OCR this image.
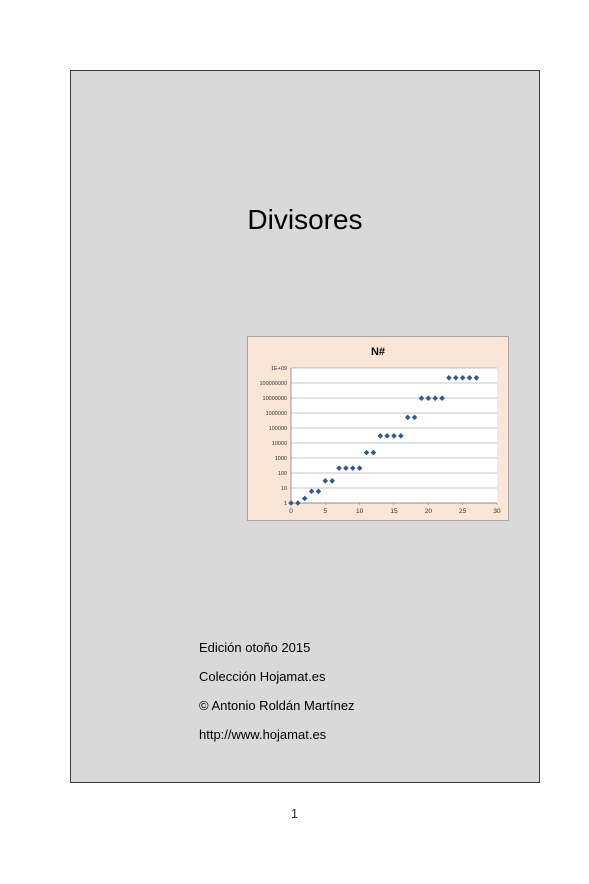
Divisores
N#
1
10
100
1000
10000
100000
1000000
10000000
100000000
1E+09
0	5	10	15	20	25	30
Edición otoño 2015
Colección Hojamat.es
© Antonio Roldán Martínez
http://www.hojamat.es
1
